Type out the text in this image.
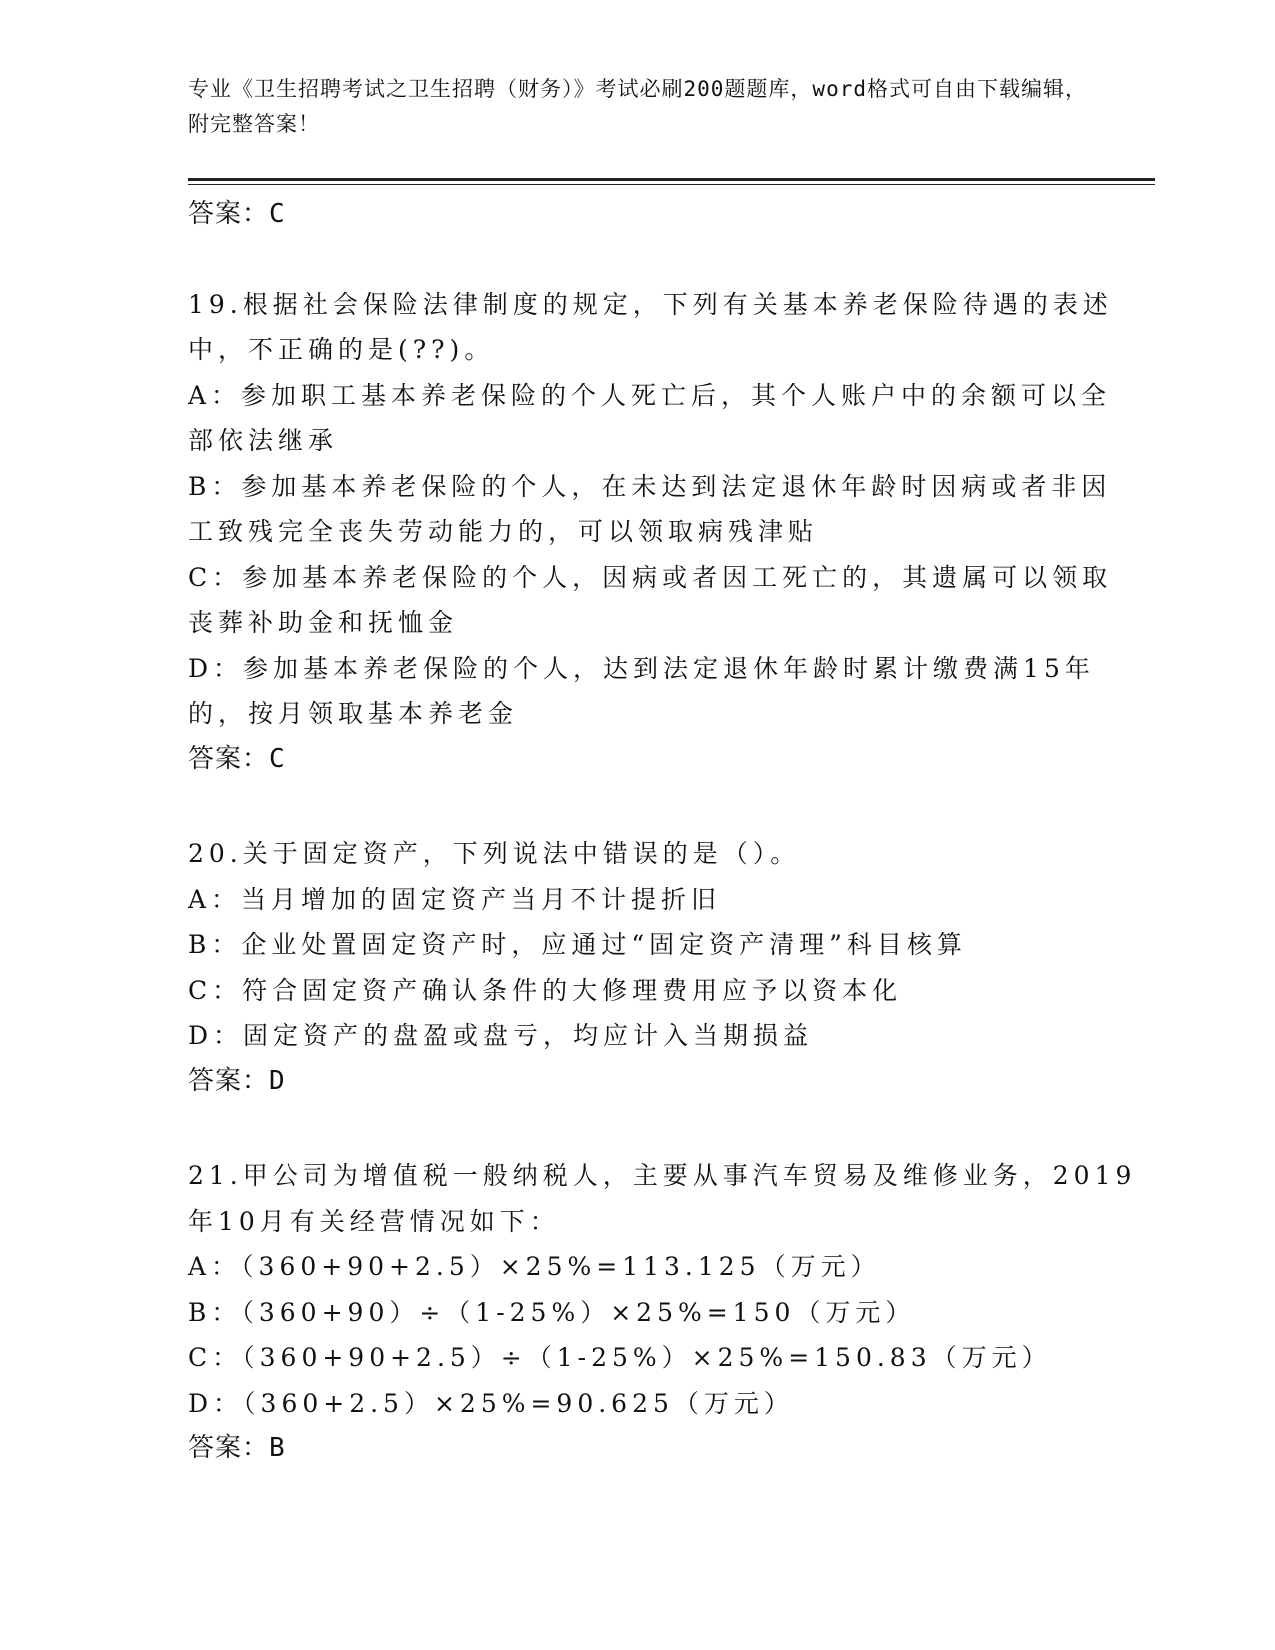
专业《卫生招聘考试之卫生招聘（财务）》考试必刷200题题库，word格式可自由下载编辑，附完整答案！
答案：C
19.根据社会保险法律制度的规定，下列有关基本养老保险待遇的表述
中，不正确的是(??)。
A：参加职工基本养老保险的个人死亡后，其个人账户中的余额可以全
部依法继承
B：参加基本养老保险的个人，在未达到法定退休年龄时因病或者非因
工致残完全丧失劳动能力的，可以领取病残津贴
C：参加基本养老保险的个人，因病或者因工死亡的，其遗属可以领取
丧葬补助金和抚恤金
D：参加基本养老保险的个人，达到法定退休年龄时累计缴费满15年
的，按月领取基本养老金
答案：C
20.关于固定资产，下列说法中错误的是（）。
A：当月增加的固定资产当月不计提折旧
B：企业处置固定资产时，应通过“固定资产清理”科目核算
C：符合固定资产确认条件的大修理费用应予以资本化
D：固定资产的盘盈或盘亏，均应计入当期损益
答案：D
21.甲公司为增值税一般纳税人，主要从事汽车贸易及维修业务，2019
年10月有关经营情况如下：
A：（360+90+2.5）×25%=113.125（万元）
B：（360+90）÷（1-25%）×25%=150（万元）
C：（360+90+2.5）÷（1-25%）×25%=150.83（万元）
D：（360+2.5）×25%=90.625（万元）
答案：B
